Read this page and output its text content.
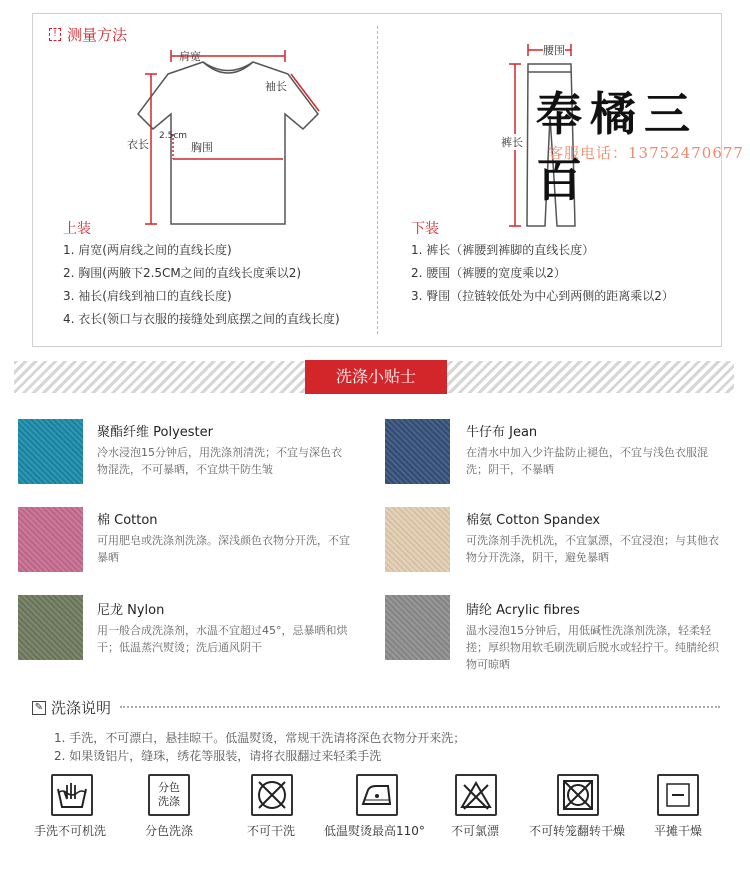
! 测量方法
肩宽
袖长
衣长
2.5cm
胸围
腰围
裤长
上装
1. 肩宽(两肩线之间的直线长度)
2. 胸围(两腋下2.5CM之间的直线长度乘以2)
3. 袖长(肩线到袖口的直线长度)
4. 衣长(领口与衣服的接缝处到底摆之间的直线长度)
下装
1. 裤长（裤腰到裤脚的直线长度）
2. 腰围（裤腰的宽度乘以2）
3. 臀围（拉链较低处为中心到两侧的距离乘以2）
奉橘三百
客服电话：13752470677
洗涤小贴士
聚酯纤维 Polyester
冷水浸泡15分钟后，用洗涤剂清洗；不宜与深色衣物混洗，不可暴晒，不宜烘干防生皱
牛仔布 Jean
在清水中加入少许盐防止褪色，不宜与浅色衣服混洗；阴干，不暴晒
棉 Cotton
可用肥皂或洗涤剂洗涤。深浅颜色衣物分开洗，不宜暴晒
棉氨 Cotton Spandex
可洗涤剂手洗机洗，不宜氯漂，不宜浸泡；与其他衣物分开洗涤，阴干，避免暴晒
尼龙 Nylon
用一般合成洗涤剂，水温不宜超过45°，忌暴晒和烘干；低温蒸汽熨烫；洗后通风阴干
腈纶 Acrylic fibres
温水浸泡15分钟后，用低碱性洗涤剂洗涤，轻柔轻搓；厚织物用软毛刷洗刷后脱水或轻拧干。纯腈纶织物可晾晒
✎ 洗涤说明
1. 手洗，不可漂白，悬挂晾干。低温熨烫，常规干洗请将深色衣物分开来洗；
2. 如果烫铝片，缝珠，绣花等服装，请将衣服翻过来轻柔手洗
手洗不可机洗
分色
洗涤
分色洗涤	不可干洗 低温熨烫最高110° 不可氯漂 不可转笼翻转干燥 平摊干燥
